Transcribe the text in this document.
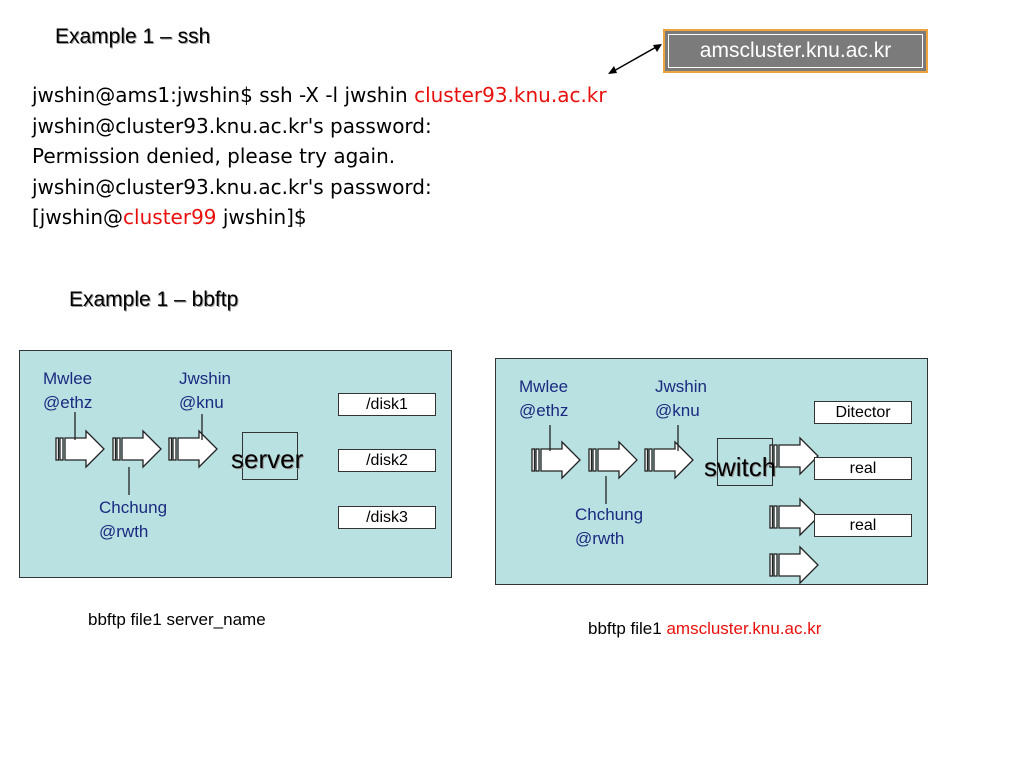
Example 1 – ssh
amscluster.knu.ac.kr
jwshin@ams1:jwshin$ ssh -X -l jwshin cluster93.knu.ac.kr
jwshin@cluster93.knu.ac.kr's password:
Permission denied, please try again.
jwshin@cluster93.knu.ac.kr's password:
[jwshin@cluster99 jwshin]$
Example 1 – bbftp
Mwlee
@ethz
Jwshin
@knu
Chchung
@rwth
server
/disk1
/disk2
/disk3
bbftp file1 server_name
Mwlee
@ethz
Jwshin
@knu
Chchung
@rwth
switch
Ditector
real
real
bbftp file1 amscluster.knu.ac.kr
